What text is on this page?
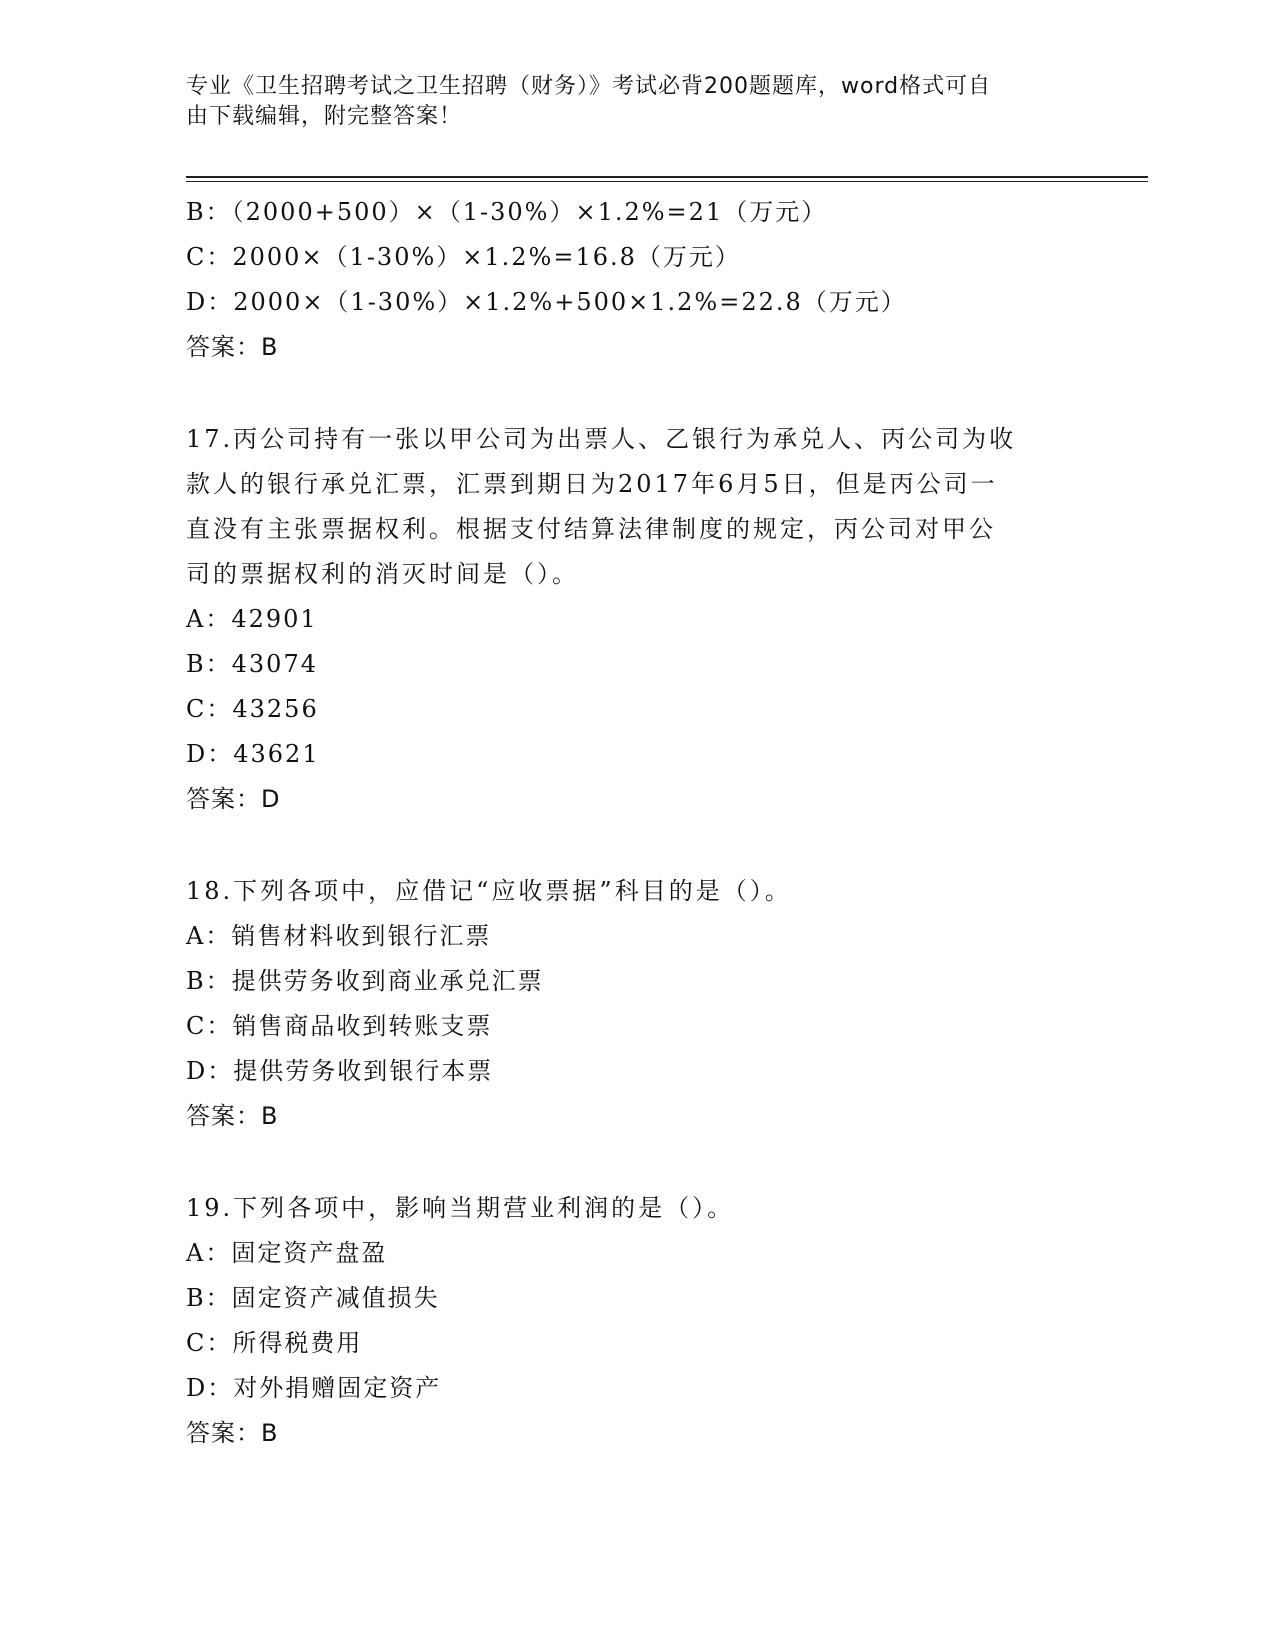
专业《卫生招聘考试之卫生招聘（财务）》考试必背200题题库，word格式可自
由下载编辑，附完整答案！
B：（2000+500）×（1-30%）×1.2%=21（万元）
C：2000×（1-30%）×1.2%=16.8（万元）
D：2000×（1-30%）×1.2%+500×1.2%=22.8（万元）
答案：B
17.丙公司持有一张以甲公司为出票人、乙银行为承兑人、丙公司为收
款人的银行承兑汇票，汇票到期日为2017年6月5日，但是丙公司一
直没有主张票据权利。根据支付结算法律制度的规定，丙公司对甲公
司的票据权利的消灭时间是（）。
A：42901
B：43074
C：43256
D：43621
答案：D
18.下列各项中，应借记“应收票据”科目的是（）。
A：销售材料收到银行汇票
B：提供劳务收到商业承兑汇票
C：销售商品收到转账支票
D：提供劳务收到银行本票
答案：B
19.下列各项中，影响当期营业利润的是（）。
A：固定资产盘盈
B：固定资产减值损失
C：所得税费用
D：对外捐赠固定资产
答案：B
